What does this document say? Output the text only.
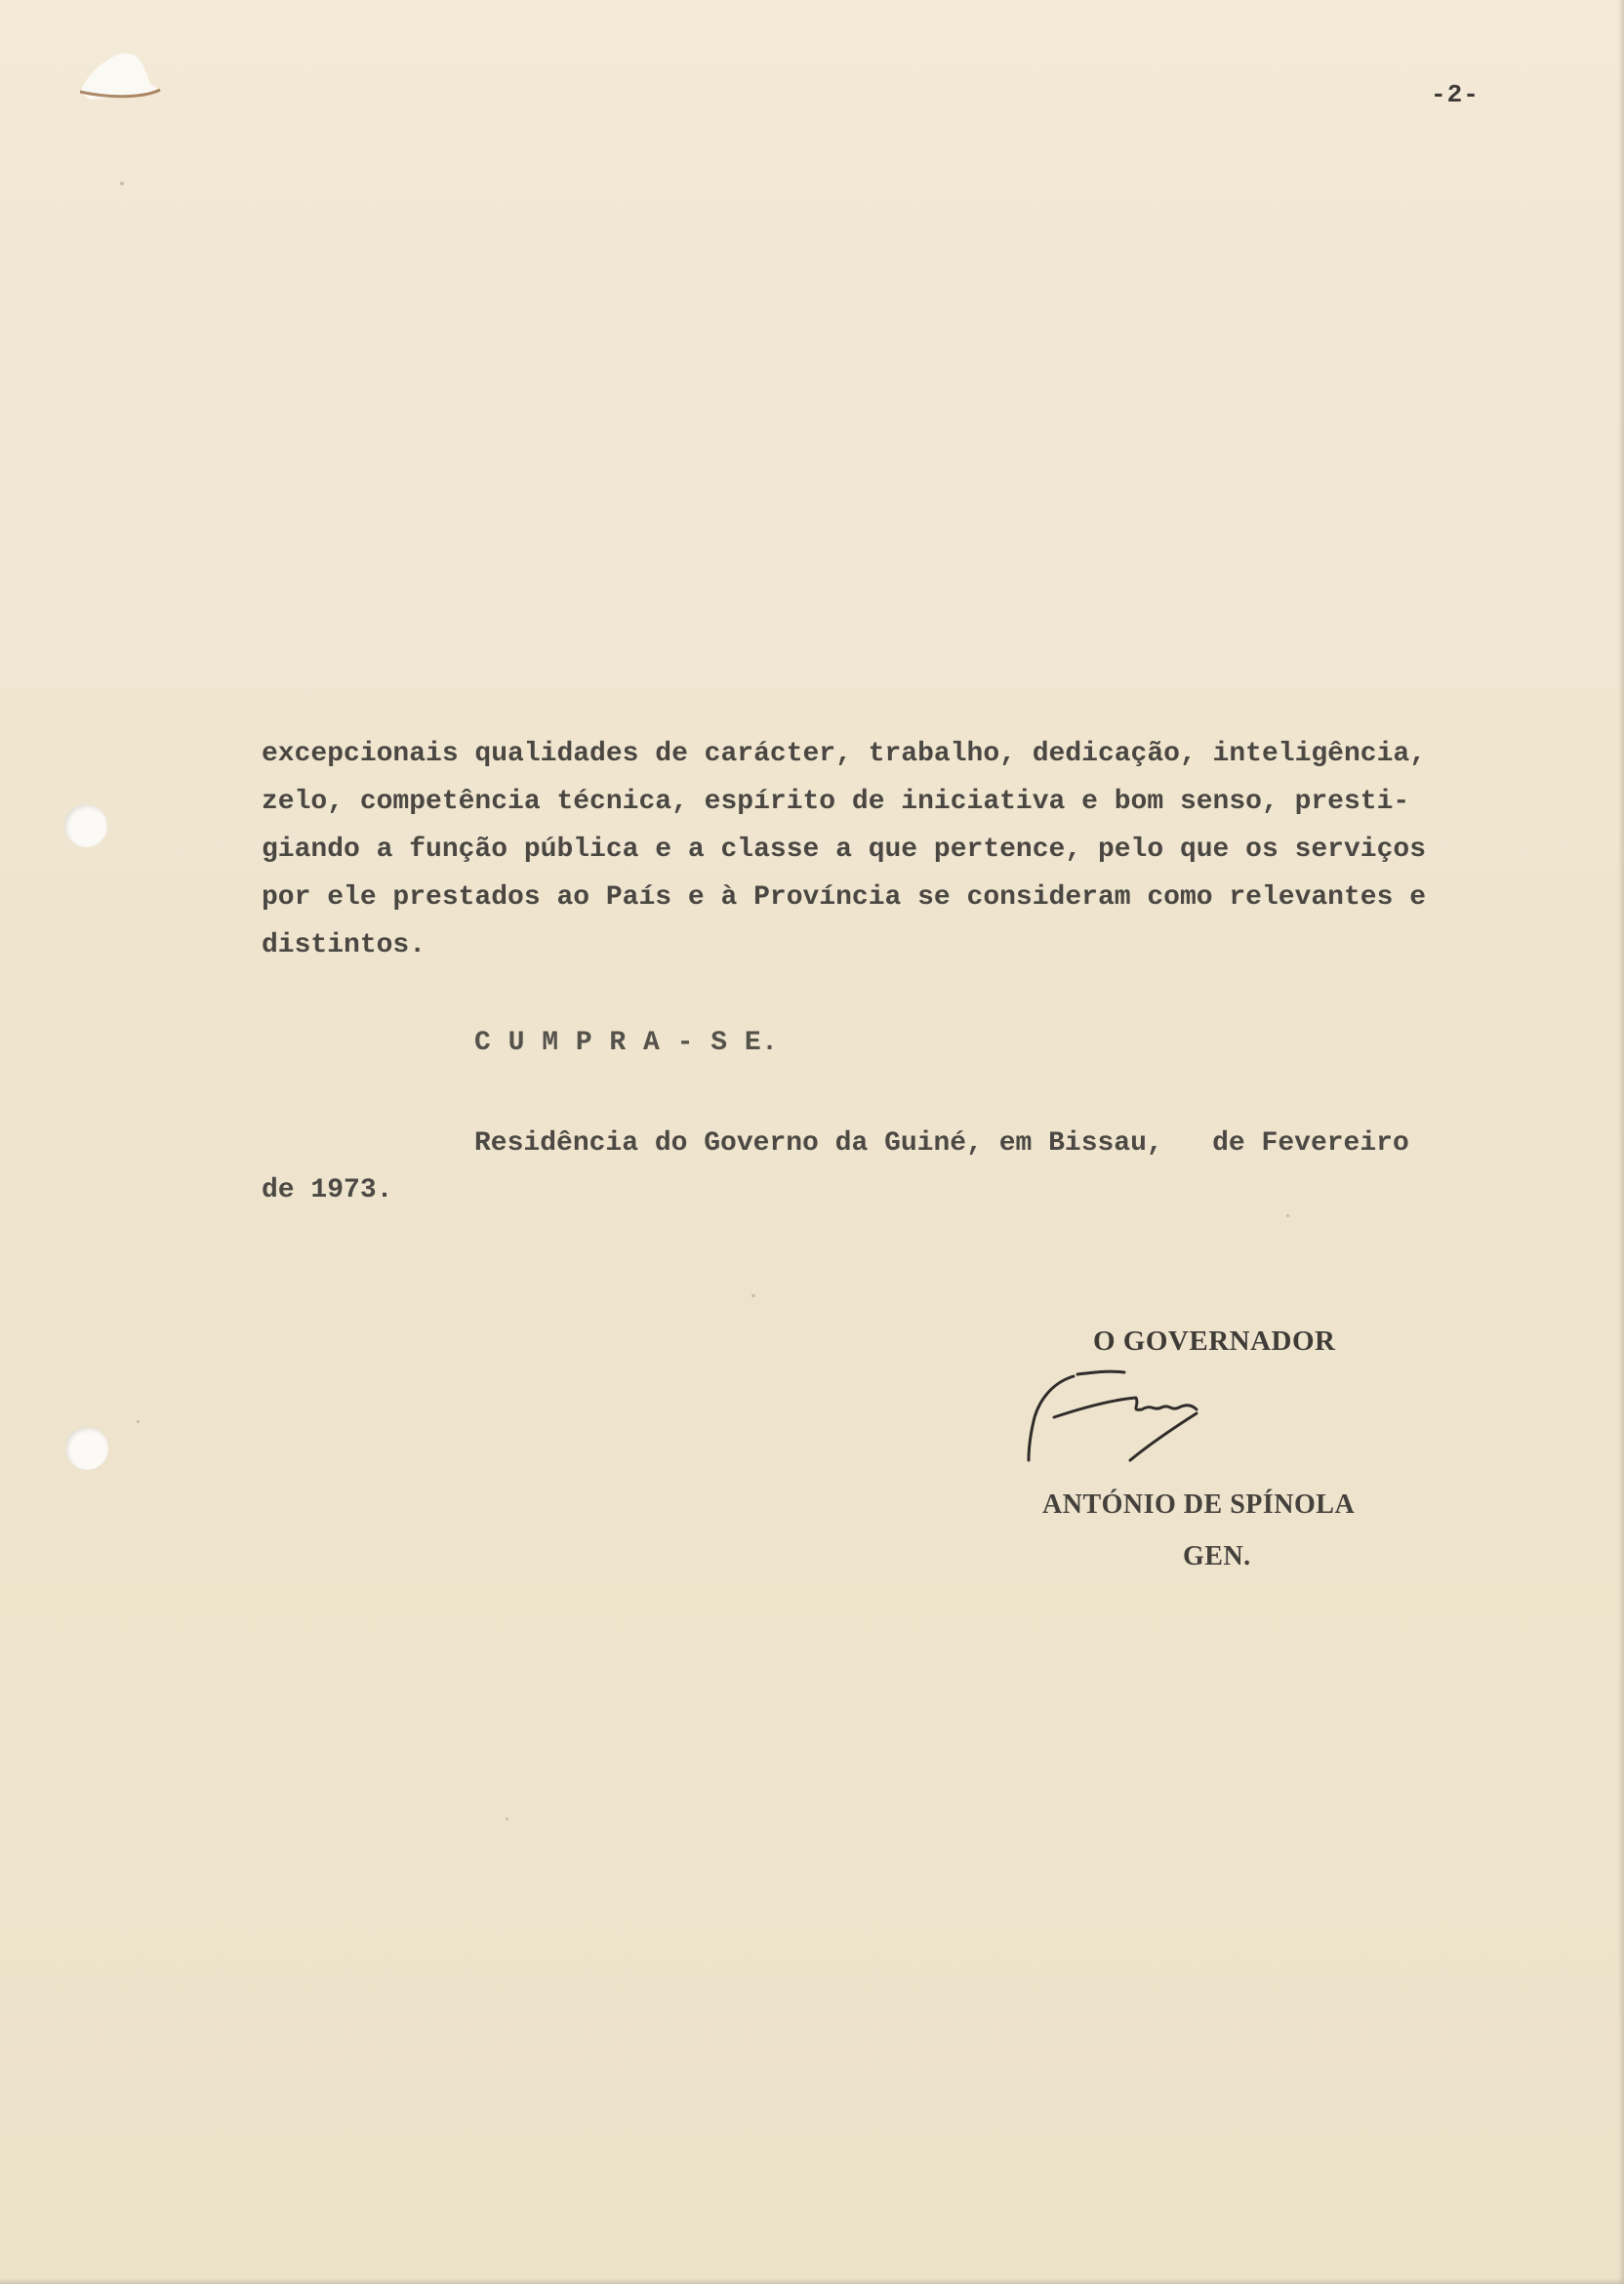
-2-

excepcionais qualidades de carácter, trabalho, dedicação, inteligência,
zelo, competência técnica, espírito de iniciativa e bom senso, presti-
giando a função pública e a classe a que pertence, pelo que os serviços
por ele prestados ao País e à Província se consideram como relevantes e
distintos.

C U M P R A - S E.
Residência do Governo da Guiné, em Bissau,   de Fevereiro
de 1973.
O GOVERNADOR
ANTÓNIO DE SPÍNOLA
GEN.
